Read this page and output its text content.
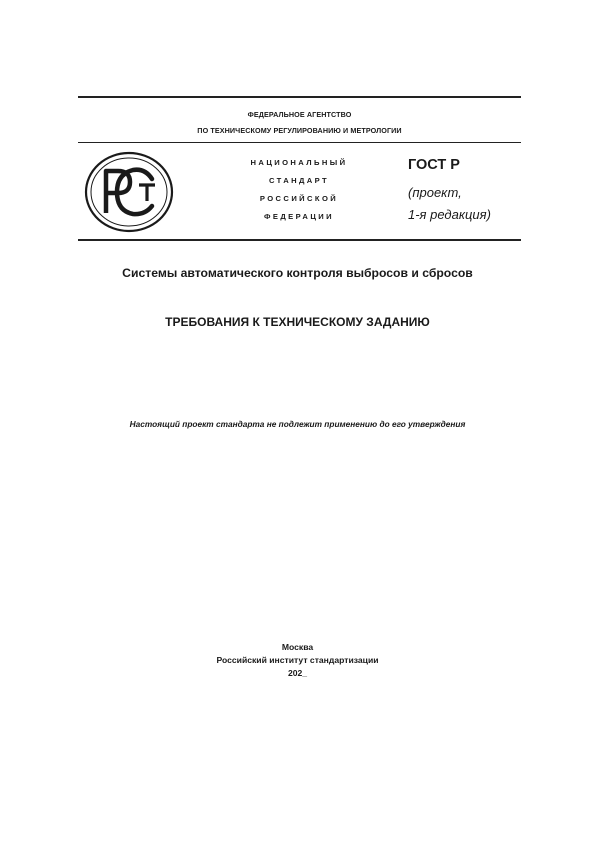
ФЕДЕРАЛЬНОЕ АГЕНТСТВО
ПО ТЕХНИЧЕСКОМУ РЕГУЛИРОВАНИЮ И МЕТРОЛОГИИ
НАЦИОНАЛЬНЫЙ
СТАНДАРТ
РОССИЙСКОЙ
ФЕДЕРАЦИИ
ГОСТ Р
(проект,
1-я редакция)
Системы автоматического контроля выбросов и сбросов
ТРЕБОВАНИЯ К ТЕХНИЧЕСКОМУ ЗАДАНИЮ
Настоящий проект стандарта не подлежит применению до его утверждения
Москва
Российский институт стандартизации
202_
